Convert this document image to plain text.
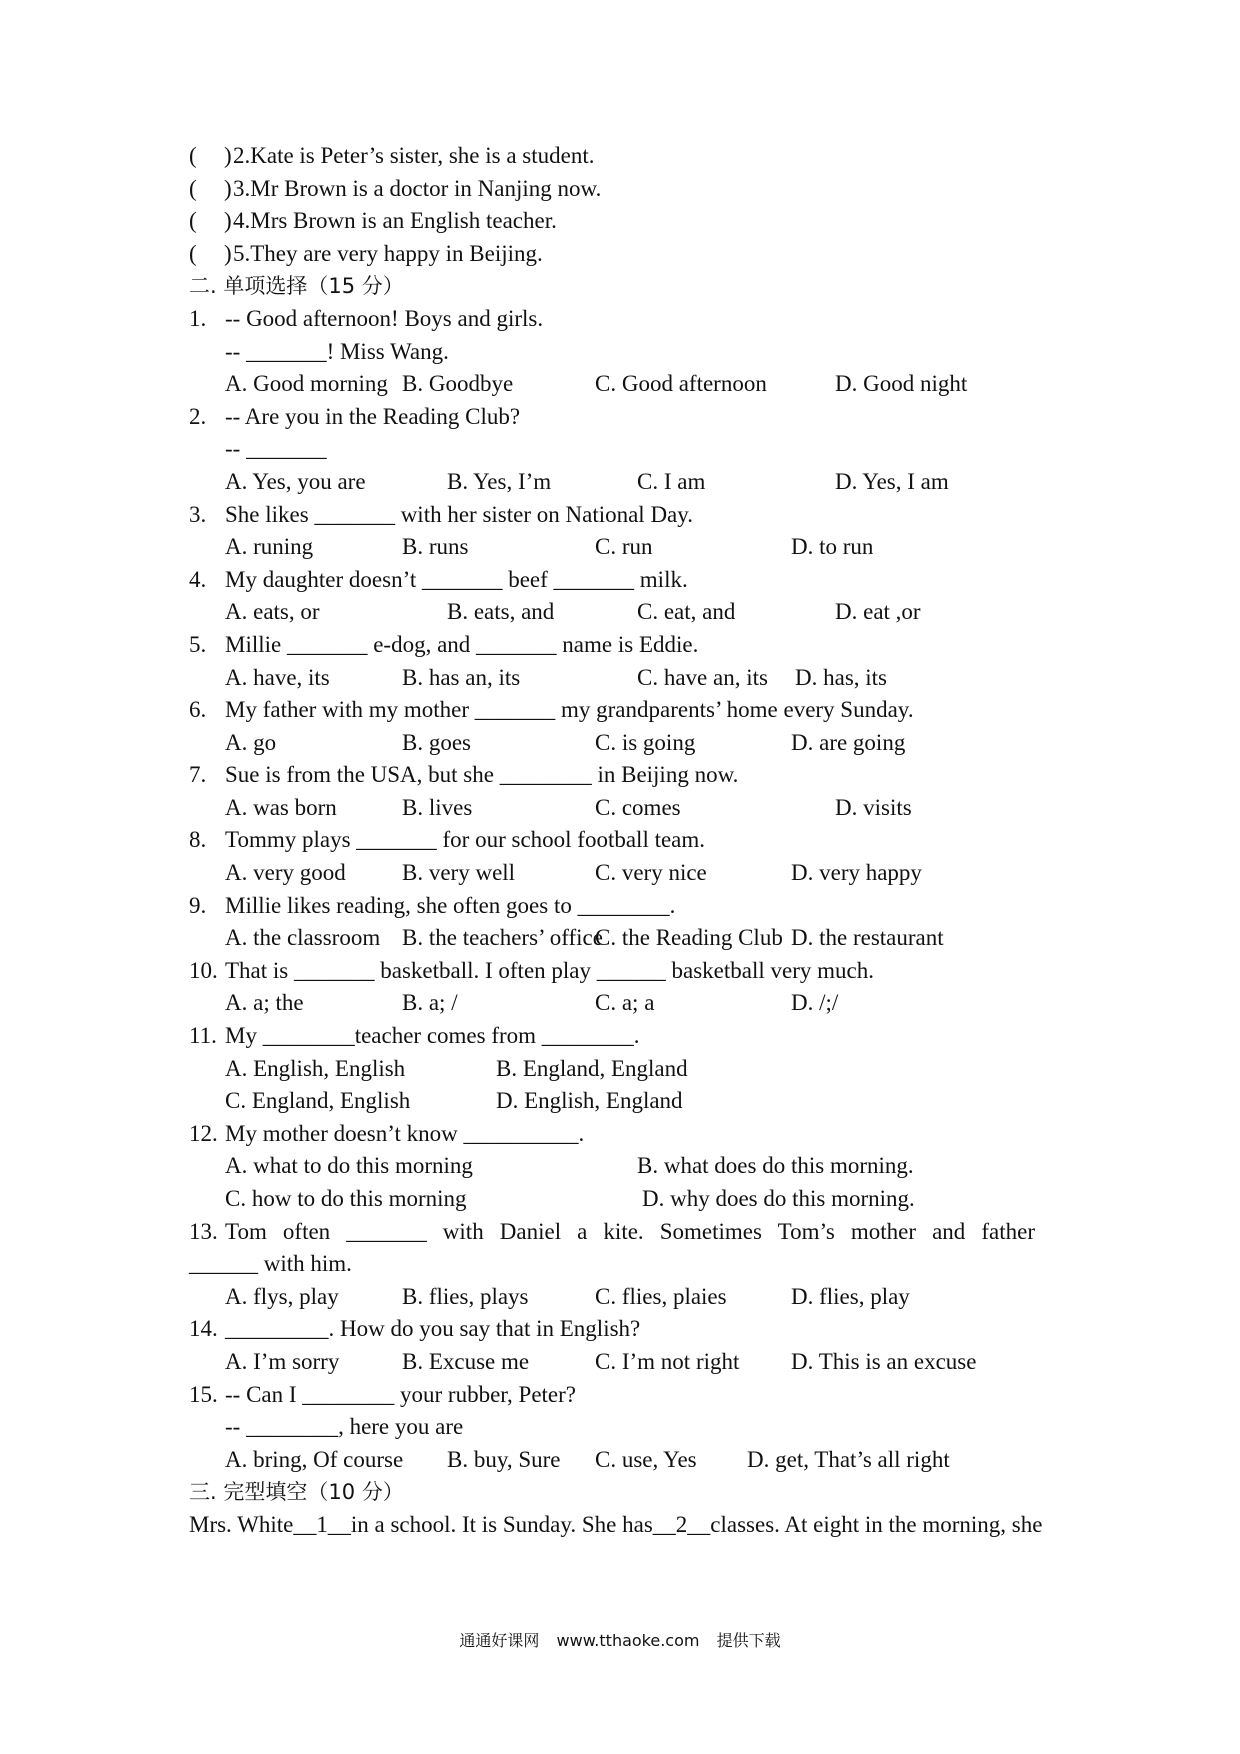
( ) 2.Kate is Peter’s sister, she is a student.
( ) 3.Mr Brown is a doctor in Nanjing now.
( ) 4.Mrs Brown is an English teacher.
( ) 5.They are very happy in Beijing.
二. 单项选择（15 分）
1. -- Good afternoon! Boys and girls.
-- _______! Miss Wang.
A. Good morning B. Goodbye	C. Good afternoon	D. Good night
2. -- Are you in the Reading Club?
-- _______
A. Yes, you are	B. Yes, I’m	C. I am	D. Yes, I am
3. She likes _______ with her sister on National Day.
A. runing	B. runs	C. run	D. to run
4. My daughter doesn’t _______ beef _______ milk.
A. eats, or	B. eats, and	C. eat, and	D. eat ,or
5. Millie _______ e-dog, and _______ name is Eddie.
A. have, its	B. has an, its	C. have an, its D. has, its
6. My father with my mother _______ my grandparents’ home every Sunday.
A. go	B. goes	C. is going	D. are going
7. Sue is from the USA, but she ________ in Beijing now.
A. was born	B. lives	C. comes	D. visits
8. Tommy plays _______ for our school football team.
A. very good B. very well	C. very nice	D. very happy
9. Millie likes reading, she often goes to ________.
A. the classroom B. the teachers’ office
C. the Reading Club D. the restaurant
10. That is _______ basketball. I often play ______ basketball very much.
A. a; the	B. a; /	C. a; a	D. /;/
11. My ________teacher comes from ________.
A. English, English	B. England, England
C. England, English	D. English, England
12. My mother doesn’t know __________.
A. what to do this morning	B. what does do this morning.
C. how to do this morning	D. why does do this morning.
13. Tom often _______ with Daniel a kite. Sometimes Tom’s mother and father
______ with him.
A. flys, play	B. flies, plays	C. flies, plaies	D. flies, play
14. _________. How do you say that in English?
A. I’m sorry	B. Excuse me	C. I’m not right D. This is an excuse
15. -- Can I ________ your rubber, Peter?
-- ________, here you are
A. bring, Of course B. buy, Sure C. use, Yes D. get, That’s all right
三. 完型填空（10 分）
Mrs. White__1__in a school. It is Sunday. She has__2__classes. At eight in the morning, she
通通好课网 www.tthaoke.com 提供下载
